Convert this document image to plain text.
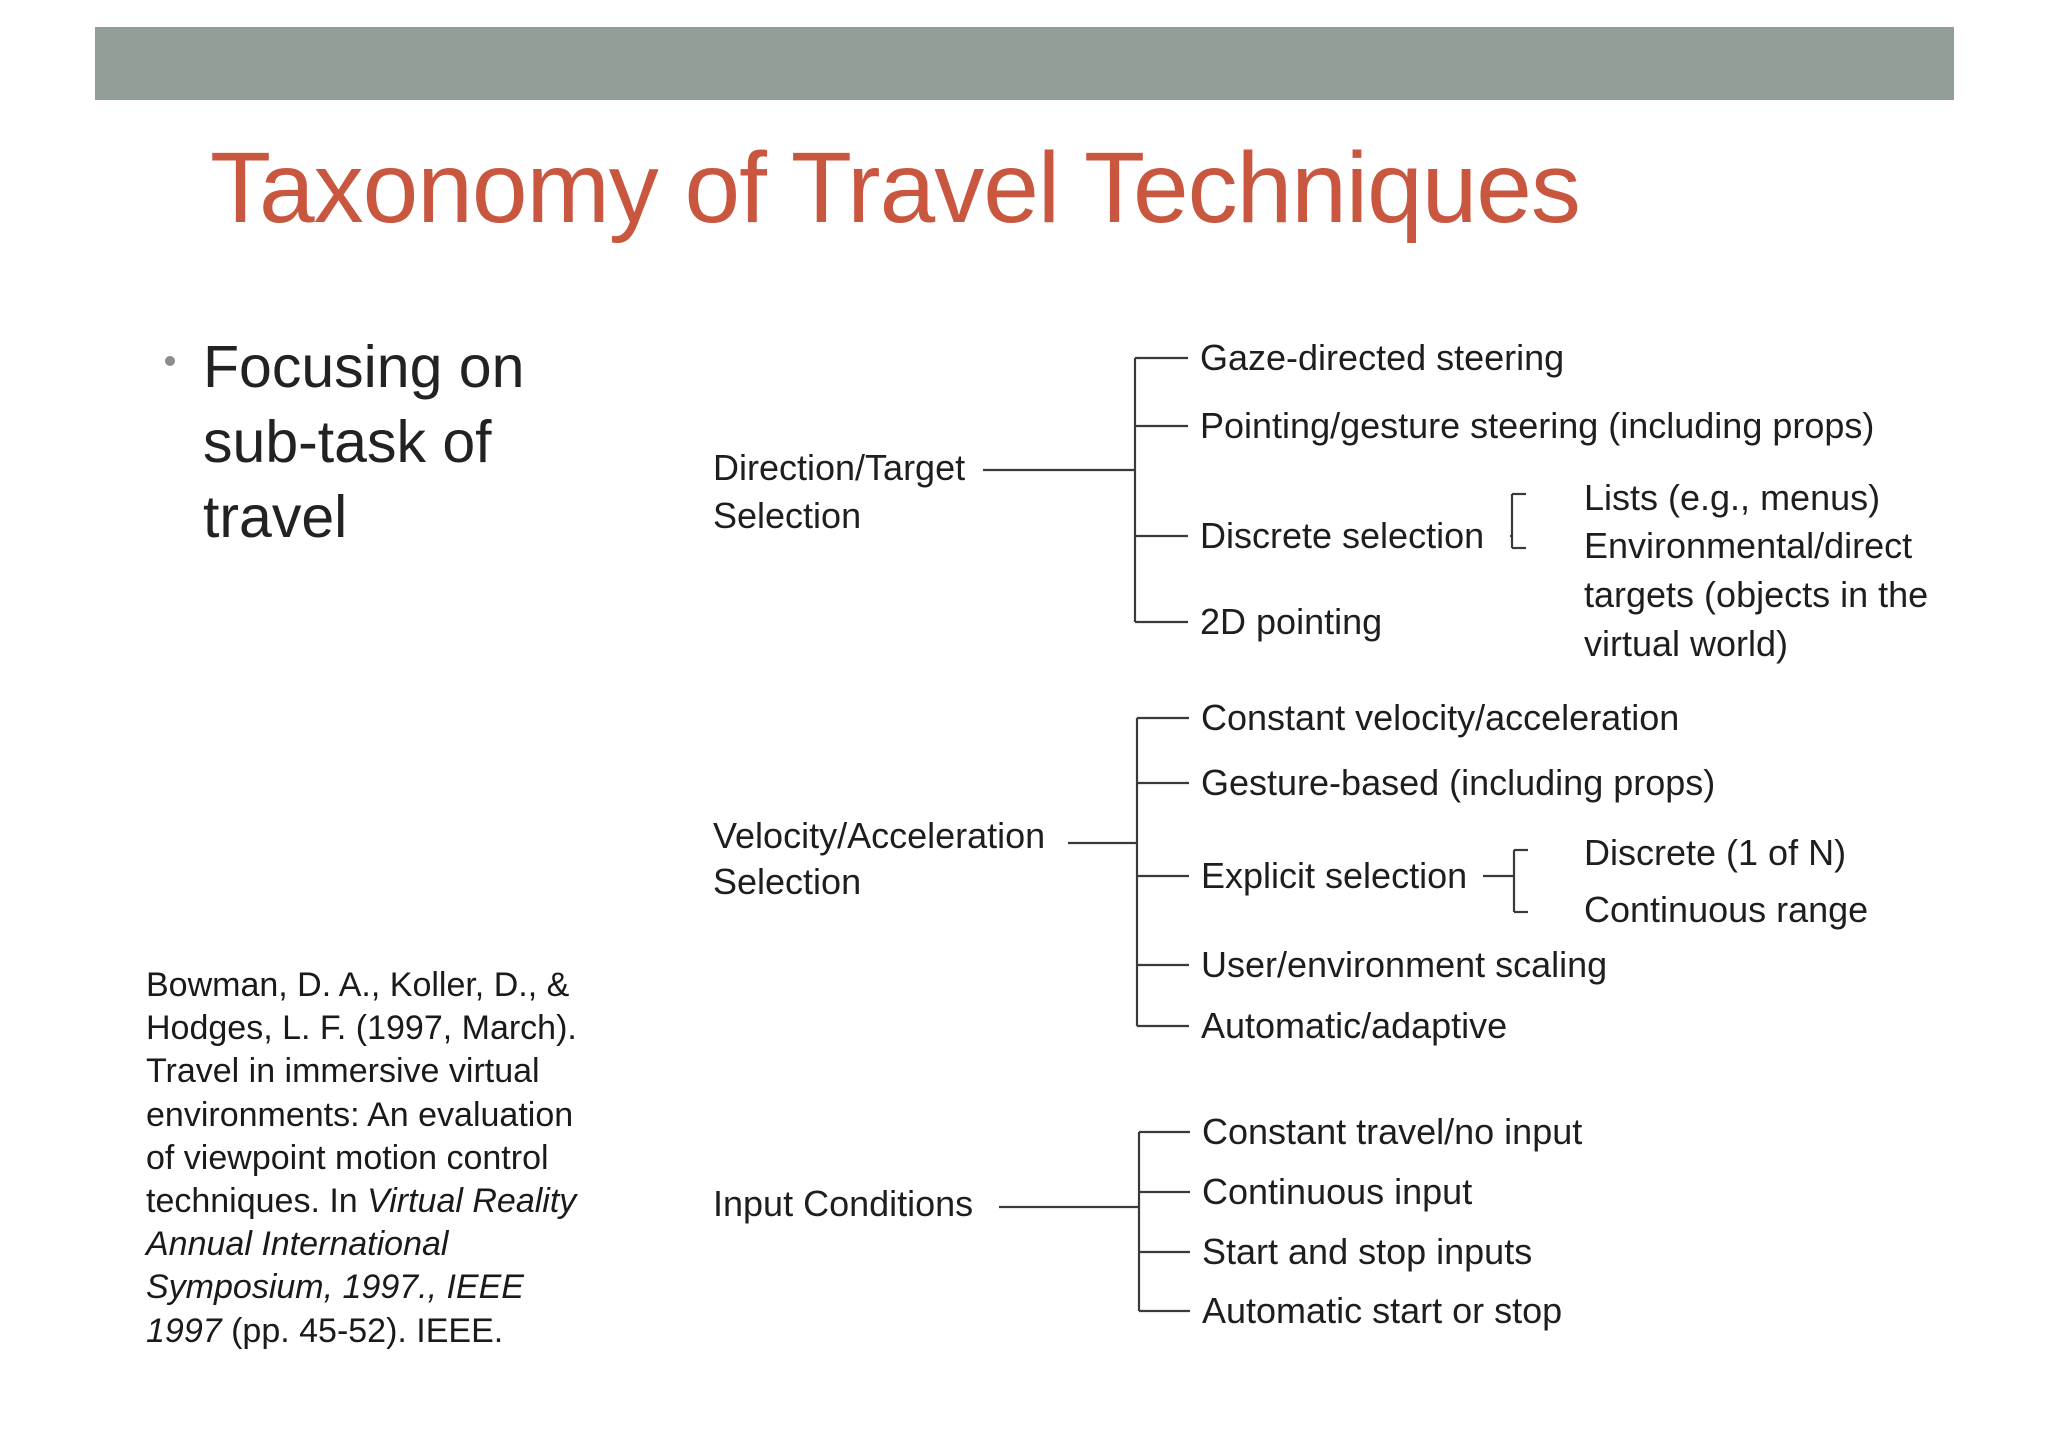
Taxonomy of Travel Techniques
Focusing on
sub-task of
travel
Bowman, D. A., Koller, D., &
Hodges, L. F. (1997, March).
Travel in immersive virtual
environments: An evaluation
of viewpoint motion control
techniques. In Virtual Reality
Annual International
Symposium, 1997., IEEE
1997 (pp. 45-52). IEEE.
Direction/Target
Selection
Gaze-directed steering
Pointing/gesture steering (including props)
Discrete selection
Lists (e.g., menus)
Environmental/direct
targets (objects in the
virtual world)
2D pointing
Velocity/Acceleration
Selection
Constant velocity/acceleration
Gesture-based (including props)
Explicit selection
Discrete (1 of N)
Continuous range
User/environment scaling
Automatic/adaptive
Input Conditions
Constant travel/no input
Continuous input
Start and stop inputs
Automatic start or stop
